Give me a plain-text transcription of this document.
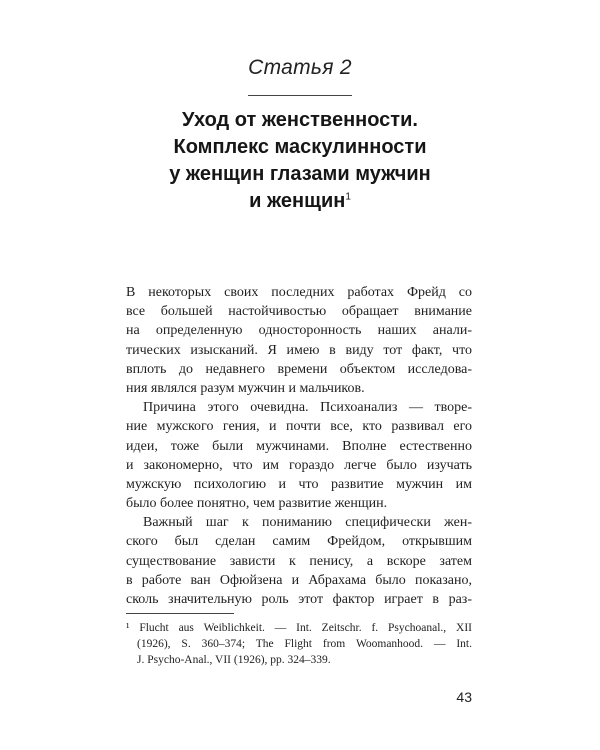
Статья 2
Уход от женственности.
Комплекс маскулинности
у женщин глазами мужчин
и женщин$^1$
В некоторых своих последних работах Фрейд со
все большей настойчивостью обращает внимание
на определенную односторонность наших анали-
тических изысканий. Я имею в виду тот факт, что
вплоть до недавнего времени объектом исследова-
ния являлся разум мужчин и мальчиков.
Причина этого очевидна. Психоанализ — творе-
ние мужского гения, и почти все, кто развивал его
идеи, тоже были мужчинами. Вполне естественно
и закономерно, что им гораздо легче было изучать
мужскую психологию и что развитие мужчин им
было более понятно, чем развитие женщин.
Важный шаг к пониманию специфически жен-
ского был сделан самим Фрейдом, открывшим
существование зависти к пенису, а вскоре затем
в работе ван Офюйзена и Абрахама было показано,
сколь значительную роль этот фактор играет в раз-
¹ Flucht aus Weiblichkeit. — Int. Zeitschr. f. Psychoanal., XII
(1926), S. 360–374; The Flight from Woomanhood. — Int.
J. Psycho-Anal., VII (1926), pp. 324–339.
43
